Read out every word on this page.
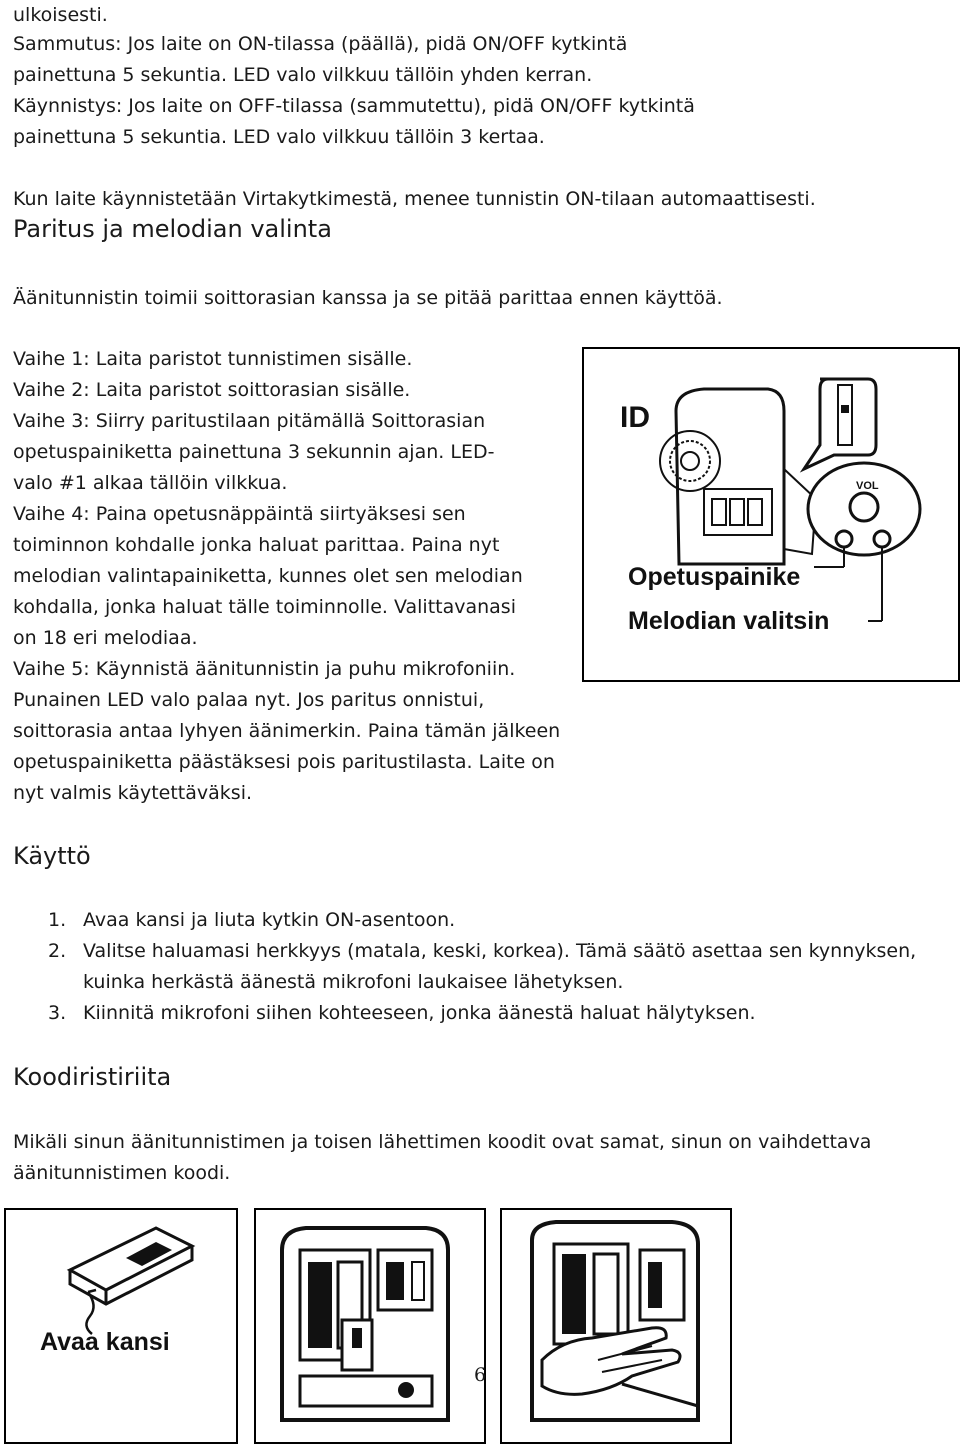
ulkoisesti.
Sammutus: Jos laite on ON-tilassa (päällä), pidä ON/OFF kytkintä
painettuna 5 sekuntia. LED valo vilkkuu tällöin yhden kerran.
Käynnistys: Jos laite on OFF-tilassa (sammutettu), pidä ON/OFF kytkintä
painettuna 5 sekuntia. LED valo vilkkuu tällöin 3 kertaa.
Kun laite käynnistetään Virtakytkimestä, menee tunnistin ON-tilaan automaattisesti.
Paritus ja melodian valinta
Äänitunnistin toimii soittorasian kanssa ja se pitää parittaa ennen käyttöä.
Vaihe 1: Laita paristot tunnistimen sisälle.
Vaihe 2: Laita paristot soittorasian sisälle.
Vaihe 3: Siirry paritustilaan pitämällä Soittorasian
opetuspainiketta painettuna 3 sekunnin ajan. LED-
valo #1 alkaa tällöin vilkkua.
Vaihe 4: Paina opetusnäppäintä siirtyäksesi sen
toiminnon kohdalle jonka haluat parittaa. Paina nyt
melodian valintapainiketta, kunnes olet sen melodian
kohdalla, jonka haluat tälle toiminnolle. Valittavanasi
on 18 eri melodiaa.
Vaihe 5: Käynnistä äänitunnistin ja puhu mikrofoniin.
Punainen LED valo palaa nyt. Jos paritus onnistui,
soittorasia antaa lyhyen äänimerkin. Paina tämän jälkeen
opetuspainiketta päästäksesi pois paritustilasta. Laite on
nyt valmis käytettäväksi.
ID
VOL
Opetuspainike
Melodian valitsin
Käyttö
1. Avaa kansi ja liuta kytkin ON-asentoon.
2. Valitse haluamasi herkkyys (matala, keski, korkea). Tämä säätö asettaa sen kynnyksen,
kuinka herkästä äänestä mikrofoni laukaisee lähetyksen.
3. Kiinnitä mikrofoni siihen kohteeseen, jonka äänestä haluat hälytyksen.
Koodiristiriita
Mikäli sinun äänitunnistimen ja toisen lähettimen koodit ovat samat, sinun on vaihdettava
äänitunnistimen koodi.
Avaa kansi
6
